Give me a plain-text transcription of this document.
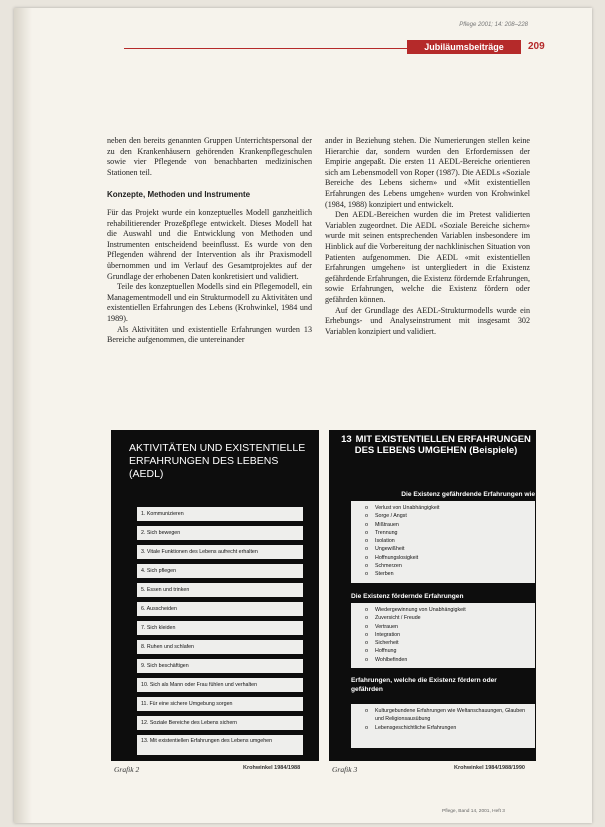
Pflege 2001; 14: 208–228
Jubiläumsbeiträge	209

neben den bereits genannten Gruppen Unterrichtspersonal der zu den Krankenhäusern gehörenden Krankenpflegeschulen sowie vier Pflegende von benachbarten medizinischen Stationen teil.

Konzepte, Methoden und Instrumente

Für das Projekt wurde ein konzeptuelles Modell ganzheitlich rehabilitierender Prozeßpflege entwickelt. Dieses Modell hat die Auswahl und die Entwicklung von Methoden und Instrumenten entscheidend beeinflusst. Es wurde von den Pflegenden während der Intervention als ihr Praxismodell übernommen und im Verlauf des Gesamtprojektes auf der Grundlage der erhobenen Daten konkretisiert und validiert.

Teile des konzeptuellen Modells sind ein Pflegemodell, ein Managementmodell und ein Strukturmodell zu Aktivitäten und existentiellen Erfahrungen des Lebens (Krohwinkel, 1984 und 1989).

Als Aktivitäten und existentielle Erfahrungen wurden 13 Bereiche aufgenommen, die untereinander

ander in Beziehung stehen. Die Numerierungen stellen keine Hierarchie dar, sondern wurden den Erfordernissen der Empirie angepaßt. Die ersten 11 AEDL-Bereiche orientieren sich am Lebensmodell von Roper (1987). Die AEDLs «Soziale Bereiche des Lebens sichern» und «Mit existentiellen Erfahrungen des Lebens umgehen» wurden von Krohwinkel (1984, 1988) konzipiert und entwickelt.

Den AEDL-Bereichen wurden die im Pretest validierten Variablen zugeordnet. Die AEDL «Soziale Bereiche sichern» wurde mit seinen entsprechenden Variablen insbesondere im Hinblick auf die Vorbereitung der nachklinischen Situation von Patienten aufgenommen. Die AEDL «mit existentiellen Erfahrungen umgehen» ist untergliedert in die Existenz gefährdende Erfahrungen, die Existenz fördernde Erfahrungen, sowie Erfahrungen, welche die Existenz fördern oder gefährden können.

Auf der Grundlage des AEDL-Strukturmodells wurde ein Erhebungs- und Analyseinstrument mit insgesamt 302 Variablen konzipiert und validiert.

AKTIVITÄTEN UND EXISTENTIELLE ERFAHRUNGEN DES LEBENS (AEDL)
1. Kommunizieren
2. Sich bewegen
3. Vitale Funktionen des Lebens aufrecht erhalten
4. Sich pflegen
5. Essen und trinken
6. Ausscheiden
7. Sich kleiden
8. Ruhen und schlafen
9. Sich beschäftigen
10. Sich als Mann oder Frau fühlen und verhalten
11. Für eine sichere Umgebung sorgen
12. Soziale Bereiche des Lebens sichern
13. Mit existentiellen Erfahrungen des Lebens umgehen
Grafik 2	Krohwinkel 1984/1988
13 MIT EXISTENTIELLEN ERFAHRUNGEN DES LEBENS UMGEHEN (Beispiele)
Die Existenz gefährdende Erfahrungen wie
o Verlust von Unabhängigkeit
o Sorge / Angst
o Mißtrauen
o Trennung
o Isolation
o Ungewißheit
o Hoffnungslosigkeit
o Schmerzen
o Sterben
Die Existenz fördernde Erfahrungen
o Wiedergewinnung von Unabhängigkeit
o Zuversicht / Freude
o Vertrauen
o Integration
o Sicherheit
o Hoffnung
o Wohlbefinden
Erfahrungen, welche die Existenz fördern oder gefährden
o Kulturgebundene Erfahrungen wie Weltanschauungen, Glauben und Religionsausübung
o Lebensgeschichtliche Erfahrungen
Grafik 3	Krohwinkel 1984/1988/1990
Pflege, Band 14, 2001, Heft 3
